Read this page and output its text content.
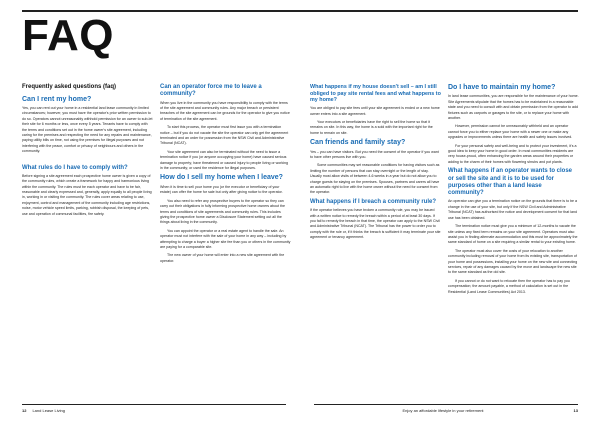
FAQ
Frequently asked questions (faq)
Can I rent my home?

Yes, you can rent out your home in a residential land lease community in limited circumstances; however, you must have the operator's prior written permission to do so. Operators cannot unreasonably withhold permission for an owner to sub-let their site for 6 months or less, once every 5 years. Tenants have to comply with the terms and conditions set out in the home owner's site agreement, including caring for the premises and respecting the need for any repairs and maintenance, paying utility bills on time, not using the premises for illegal purposes and not interfering with the peace, comfort or privacy of neighbours and others in the community.

What rules do I have to comply with?

Before signing a site agreement each prospective home owner is given a copy of the community rules, which create a framework for happy and harmonious living within the community. The rules must be each operator and have to be fair, reasonable and clearly expressed and, generally, apply equally to all people living in, working in or visiting the community. The rules cover areas relating to use, enjoyment, control and management of the community including age restrictions, noise, motor vehicle speed limits, parking, rubbish disposal, the keeping of pets, use and operation of communal facilities, fire safety.

Can an operator force me to leave a community?

When you live in the community you have responsibility to comply with the terms of the site agreement and community rules. Any major breach or persistent breaches of the site agreement can be grounds for the operator to give you notice of termination of the site agreement.

To start this process, the operator must first issue you with a termination notice – but if you do not vacate the site the operator can only get the agreement terminated and an order for possession from the NSW Civil and Administrative Tribunal (NCAT).

Your site agreement can also be terminated without the need to issue a termination notice if you (or anyone occupying your home) have caused serious damage to property; have threatened or caused injury to people living or working in the community; or used the residence for illegal purposes.

How do I sell my home when I leave?

When it is time to sell your home you (or the executor or beneficiary of your estate) can offer the home for sale but only after giving notice to the operator.

You also need to refer any prospective buyers to the operator so they can carry out their obligations in fully informing prospective home owners about the terms and conditions of site agreements and community rules. This includes giving the prospective home owner a Disclosure Statement setting out all the things about living in the community.

You can appoint the operator or a real estate agent to handle the sale. An operator must not interfere with the sale of your home in any way – including by attempting to charge a buyer a higher site fee than you or others in the community are paying for a comparable site.

The new owner of your home will enter into a new site agreement with the operator.

What happens if my house doesn't sell – am I still obliged to pay site rental fees and what happens to my home?

You are obliged to pay site fees until your site agreement is ended or a new home owner enters into a site agreement.

Your executors or beneficiaries have the right to sell the home so that it remains on site. In this way, the home is a sold with the important right for the home to remain on site.

Can friends and family stay?

Yes – you can have visitors. But you need the consent of the operator if you want to have other persons live with you.

Some communities may set reasonable conditions for having visitors such as limiting the number of persons that can stay overnight or the length of stay. Usually most allow visits of between 4-6 weeks in a year but do not allow you to charge guests for staying on the premises. Spouses, partners and carers all have an automatic right to live with the home owner without the need for consent from the operator.

What happens if I breach a community rule?

If the operator believes you have broken a community rule, you may be issued with a written notice to remedy the breach within a period of at least 30 days. If you fail to remedy the breach in that time, the operator can apply to the NSW Civil and Administrative Tribunal (NCAT). The Tribunal has the power to order you to comply with the rule or, if it thinks the breach is sufficient it may terminate your site agreement or tenancy agreement.

Do I have to maintain my home?

In land lease communities, you are responsible for the maintenance of your home. Site Agreements stipulate that the homes has to be maintained in a reasonable state and you need to consult with and obtain permission from the operator to add fixtures such as carports or garages to the site, or to replace your home with another.

However, permission cannot be unreasonably withheld and an operator cannot force you to either replace your home with a newer one or make any upgrades or improvements unless there are health and safety issues involved.

For your personal safety and well-being and to protect your investment, it's a good idea to keep your home in good order. In most communities residents are very house-proud, often enhancing the garden areas around their properties or adding to the charm of their homes with flowering shrubs and pot plants.

What happens if an operator wants to close or sell the site and it is to be used for purposes other than a land lease community?

An operator can give you a termination notice on the grounds that there is to be a change in the use of your site, but only if the NSW Civil and Administrative Tribunal (NCAT) has authorised the notice and development consent for that land use has been obtained.

The termination notice must give you a minimum of 12-months to vacate the site unless any fixed term remains on your site agreement. Operators must also assist you in finding alternate accommodation and this must be approximately the same standard of home on a site requiring a similar rental to your existing home.

The operator must also cover the costs of your relocation to another community including removal of your home from its existing site, transportation of your home and possessions, installing your home on the new site and connecting services, repair of any damages caused by the move and landscape the new site to the same standard as the old site.

If you cannot or do not want to relocate then the operator has to pay you compensation; the amount payable, a method of calculation is set out in the Residential (Land Lease Communities) Act 2013.

12 Land Lease Living	Enjoy an affordable lifestyle in your retirement	13
